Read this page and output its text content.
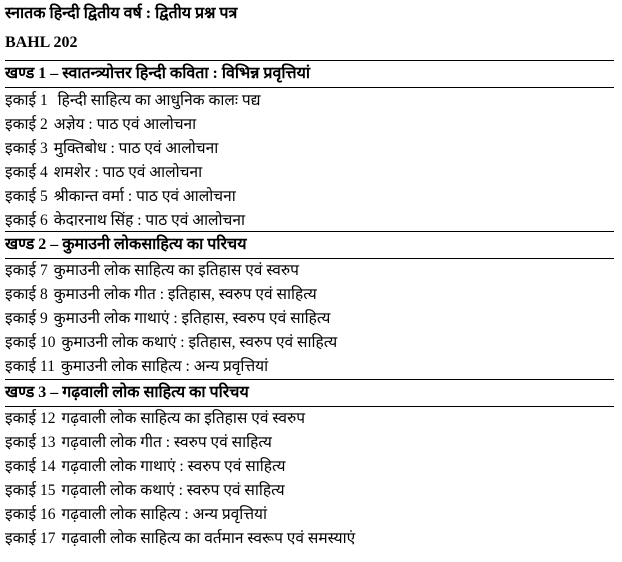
स्नातक हिन्दी द्वितीय वर्ष : द्वितीय प्रश्न पत्र
BAHL 202
खण्ड 1 – स्वातन्त्र्योत्तर हिन्दी कविता : विभिन्न प्रवृत्तियां
इकाई 1 हिन्दी साहित्य का आधुनिक कालः पद्य
इकाई 2 अज्ञेय : पाठ एवं आलोचना
इकाई 3 मुक्तिबोध : पाठ एवं आलोचना
इकाई 4 शमशेर : पाठ एवं आलोचना
इकाई 5 श्रीकान्त वर्मा : पाठ एवं आलोचना
इकाई 6 केदारनाथ सिंह : पाठ एवं आलोचना
खण्ड 2 – कुमाउनी लोकसाहित्य का परिचय
इकाई 7 कुमाउनी लोक साहित्य का इतिहास एवं स्वरुप
इकाई 8 कुमाउनी लोक गीत : इतिहास, स्वरुप एवं साहित्य
इकाई 9 कुमाउनी लोक गाथाएं : इतिहास, स्वरुप एवं साहित्य
इकाई 10 कुमाउनी लोक कथाएं : इतिहास, स्वरुप एवं साहित्य
इकाई 11 कुमाउनी लोक साहित्य : अन्य प्रवृत्तियां
खण्ड 3 – गढ़वाली लोक साहित्य का परिचय
इकाई 12 गढ़वाली लोक साहित्य का इतिहास एवं स्वरुप
इकाई 13 गढ़वाली लोक गीत : स्वरुप एवं साहित्य
इकाई 14 गढ़वाली लोक गाथाएं : स्वरुप एवं साहित्य
इकाई 15 गढ़वाली लोक कथाएं : स्वरुप एवं साहित्य
इकाई 16 गढ़वाली लोक साहित्य : अन्य प्रवृत्तियां
इकाई 17 गढ़वाली लोक साहित्य का वर्तमान स्वरूप एवं समस्याएं
